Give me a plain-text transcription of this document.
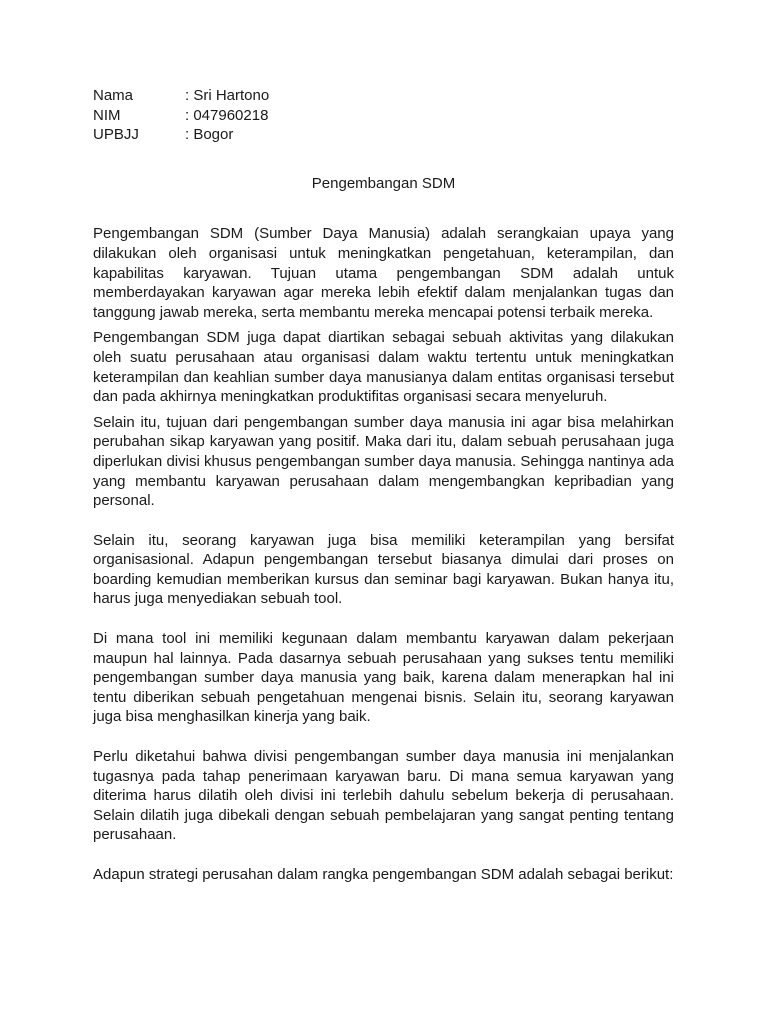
Nama	: Sri Hartono
NIM	: 047960218
UPBJJ	: Bogor
Pengembangan SDM

Pengembangan SDM (Sumber Daya Manusia) adalah serangkaian upaya yang dilakukan oleh organisasi untuk meningkatkan pengetahuan, keterampilan, dan kapabilitas karyawan. Tujuan utama pengembangan SDM adalah untuk memberdayakan karyawan agar mereka lebih efektif dalam menjalankan tugas dan tanggung jawab mereka, serta membantu mereka mencapai potensi terbaik mereka.

Pengembangan SDM juga dapat diartikan sebagai sebuah aktivitas yang dilakukan oleh suatu perusahaan atau organisasi dalam waktu tertentu untuk meningkatkan keterampilan dan keahlian sumber daya manusianya dalam entitas organisasi tersebut dan pada akhirnya meningkatkan produktifitas organisasi secara menyeluruh.

Selain itu, tujuan dari pengembangan sumber daya manusia ini agar bisa melahirkan perubahan sikap karyawan yang positif. Maka dari itu, dalam sebuah perusahaan juga diperlukan divisi khusus pengembangan sumber daya manusia. Sehingga nantinya ada yang membantu karyawan perusahaan dalam mengembangkan kepribadian yang personal.

Selain itu, seorang karyawan juga bisa memiliki keterampilan yang bersifat organisasional. Adapun pengembangan tersebut biasanya dimulai dari proses on boarding kemudian memberikan kursus dan seminar bagi karyawan. Bukan hanya itu, harus juga menyediakan sebuah tool.

Di mana tool ini memiliki kegunaan dalam membantu karyawan dalam pekerjaan maupun hal lainnya. Pada dasarnya sebuah perusahaan yang sukses tentu memiliki pengembangan sumber daya manusia yang baik, karena dalam menerapkan hal ini tentu diberikan sebuah pengetahuan mengenai bisnis. Selain itu, seorang karyawan juga bisa menghasilkan kinerja yang baik.

Perlu diketahui bahwa divisi pengembangan sumber daya manusia ini menjalankan tugasnya pada tahap penerimaan karyawan baru. Di mana semua karyawan yang diterima harus dilatih oleh divisi ini terlebih dahulu sebelum bekerja di perusahaan. Selain dilatih juga dibekali dengan sebuah pembelajaran yang sangat penting tentang perusahaan.

Adapun strategi perusahan dalam rangka pengembangan SDM adalah sebagai berikut:
